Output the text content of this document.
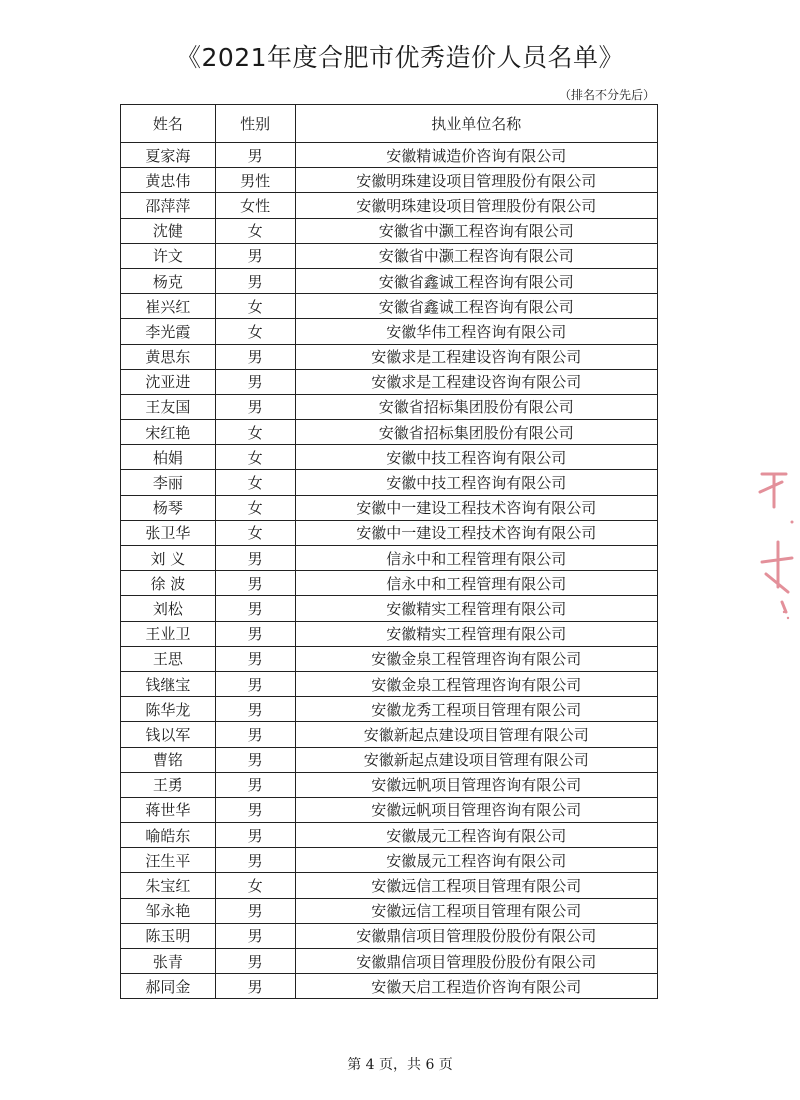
《2021年度合肥市优秀造价人员名单》
（排名不分先后）
姓名	性别	执业单位名称
夏家海	男	安徽精诚造价咨询有限公司
黄忠伟	男性	安徽明珠建设项目管理股份有限公司
邵萍萍	女性	安徽明珠建设项目管理股份有限公司
沈健	女	安徽省中灏工程咨询有限公司
许文	男	安徽省中灏工程咨询有限公司
杨克	男	安徽省鑫诚工程咨询有限公司
崔兴红	女	安徽省鑫诚工程咨询有限公司
李光霞	女	安徽华伟工程咨询有限公司
黄思东	男	安徽求是工程建设咨询有限公司
沈亚进	男	安徽求是工程建设咨询有限公司
王友国	男	安徽省招标集团股份有限公司
宋红艳	女	安徽省招标集团股份有限公司
柏娟	女	安徽中技工程咨询有限公司
李丽	女	安徽中技工程咨询有限公司
杨琴	女	安徽中一建设工程技术咨询有限公司
张卫华	女	安徽中一建设工程技术咨询有限公司
刘 义	男	信永中和工程管理有限公司
徐 波	男	信永中和工程管理有限公司
刘松	男	安徽精实工程管理有限公司
王业卫	男	安徽精实工程管理有限公司
王思	男	安徽金泉工程管理咨询有限公司
钱继宝	男	安徽金泉工程管理咨询有限公司
陈华龙	男	安徽龙秀工程项目管理有限公司
钱以军	男	安徽新起点建设项目管理有限公司
曹铭	男	安徽新起点建设项目管理有限公司
王勇	男	安徽远帆项目管理咨询有限公司
蒋世华	男	安徽远帆项目管理咨询有限公司
喻皓东	男	安徽晟元工程咨询有限公司
汪生平	男	安徽晟元工程咨询有限公司
朱宝红	女	安徽远信工程项目管理有限公司
邹永艳	男	安徽远信工程项目管理有限公司
陈玉明	男	安徽鼎信项目管理股份股份有限公司
张青	男	安徽鼎信项目管理股份股份有限公司
郝同金	男	安徽天启工程造价咨询有限公司
第 4 页，共 6 页
